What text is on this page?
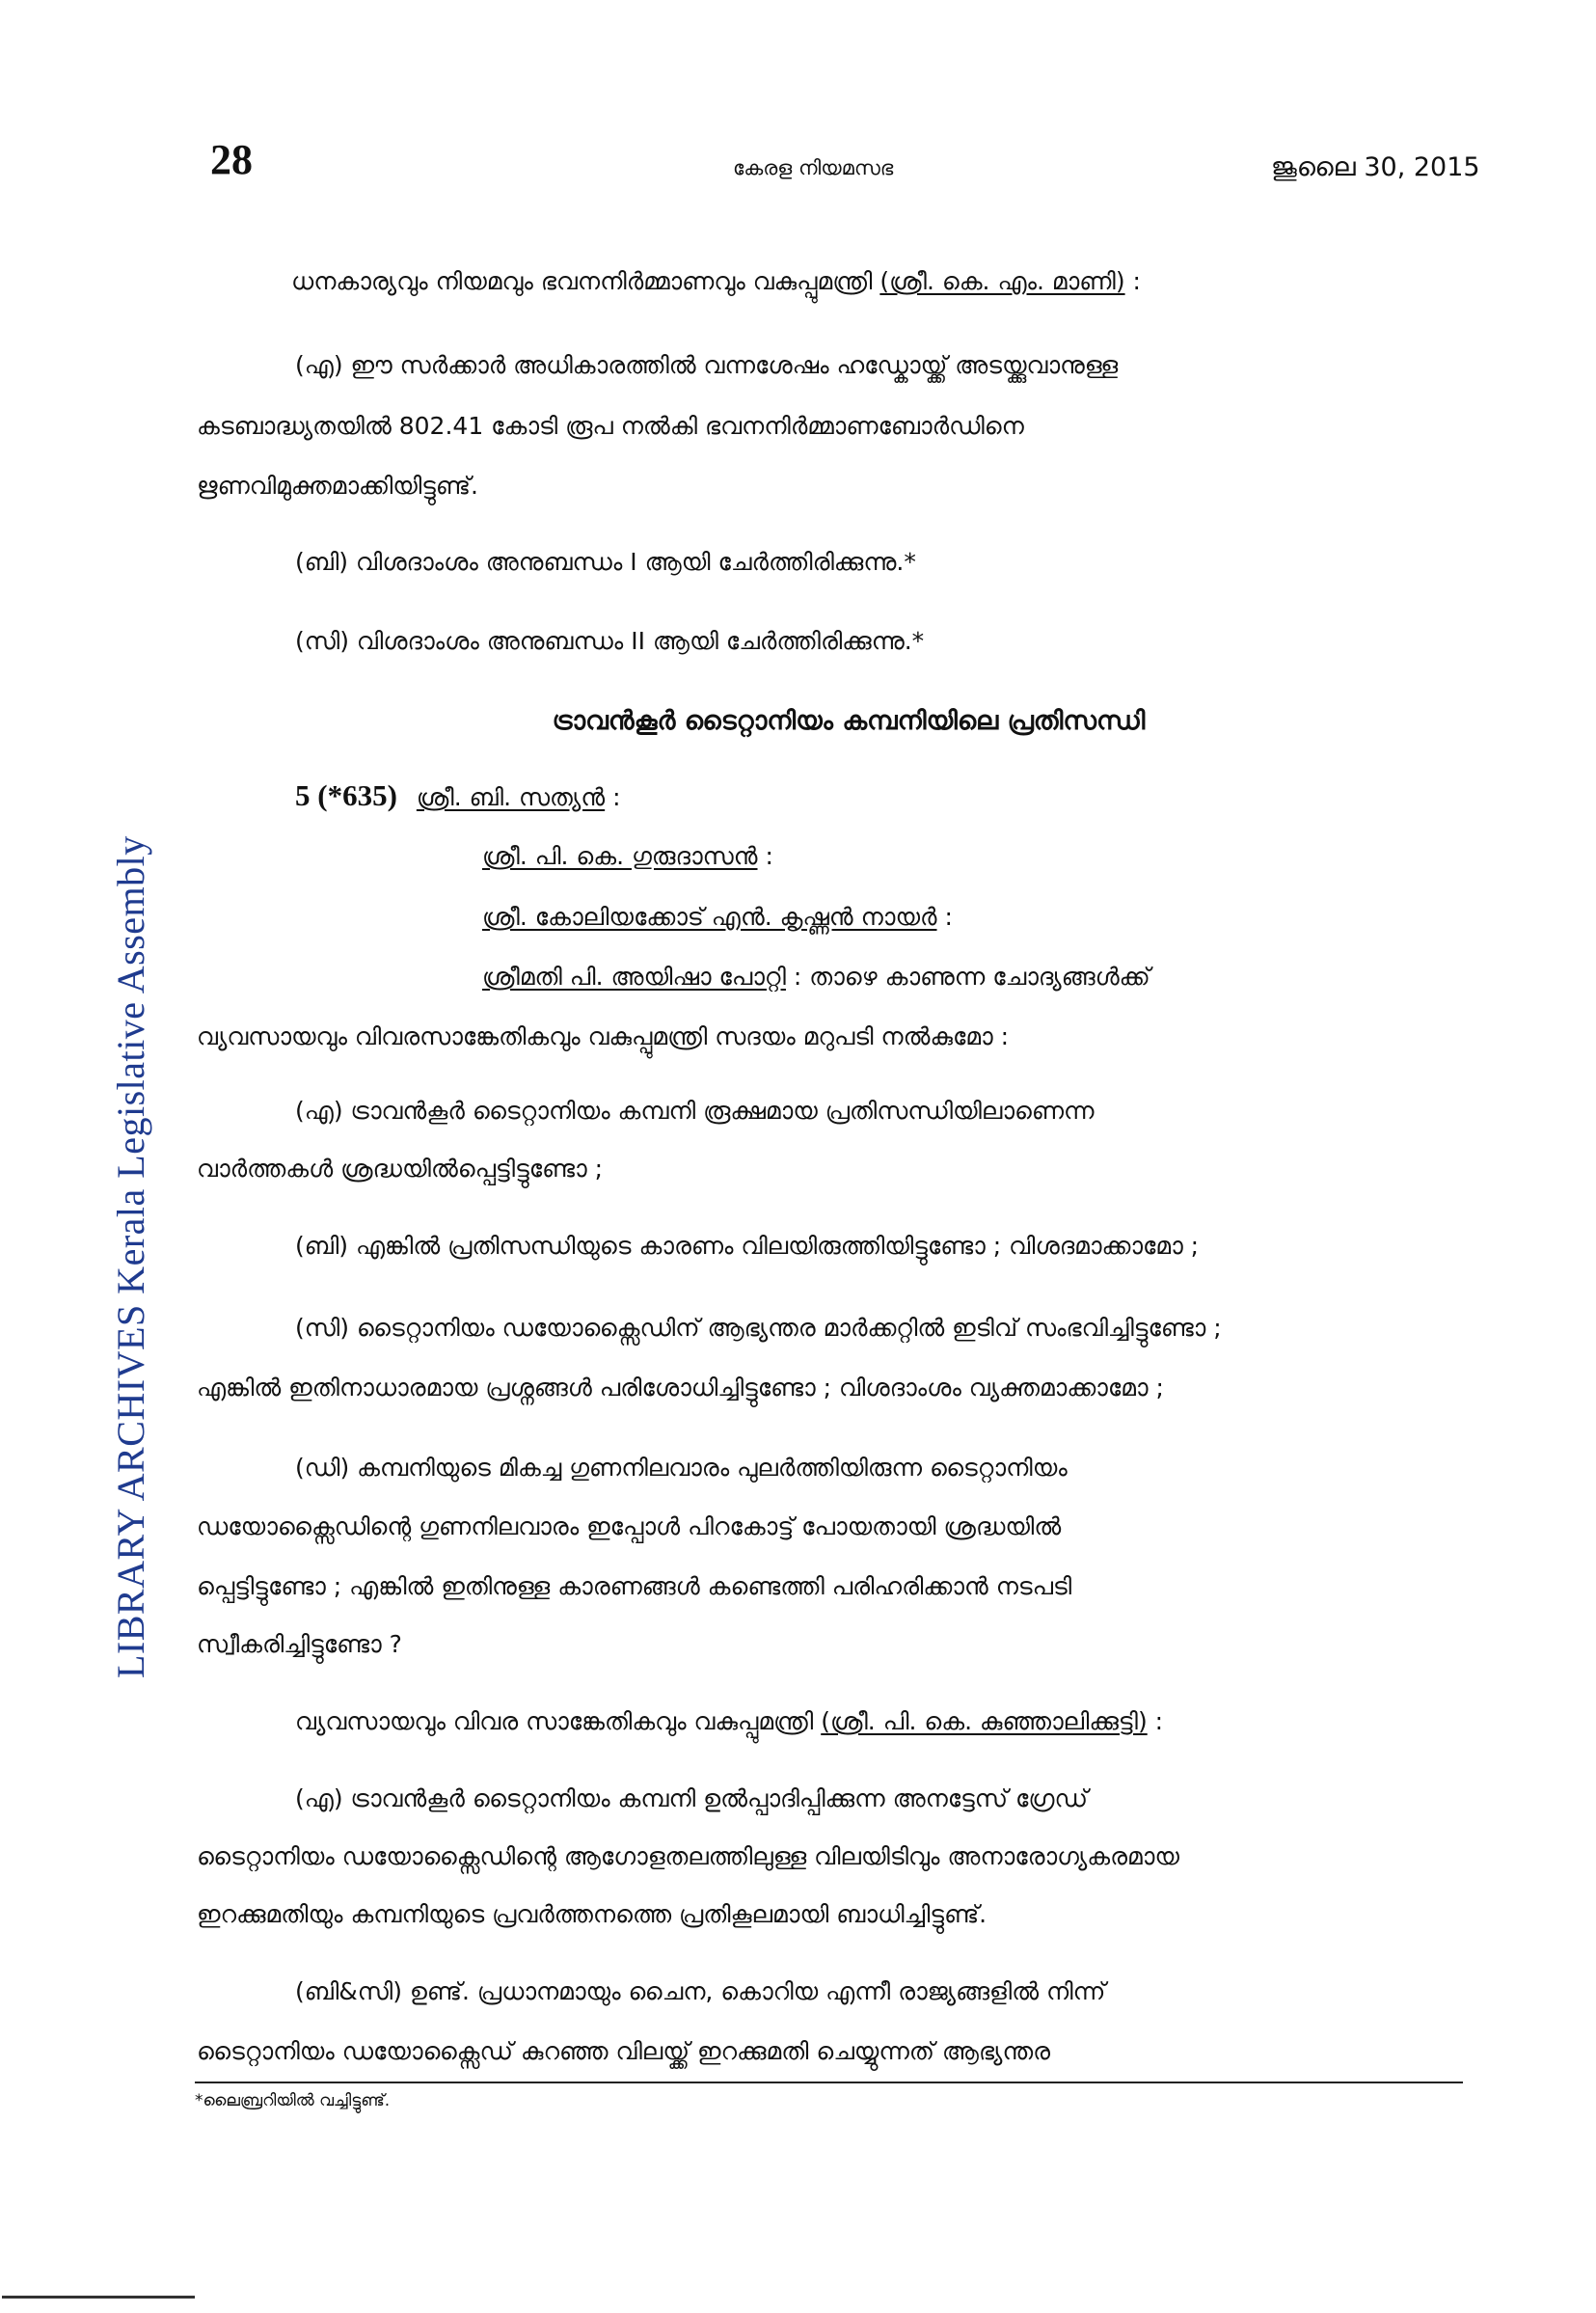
28	കേരള നിയമസഭ	ജൂലൈ 30, 2015
LIBRARY ARCHIVES Kerala Legislative Assembly
ധനകാര്യവും നിയമവും ഭവനനിർമ്മാണവും വകുപ്പുമന്ത്രി (ശ്രീ. കെ. എം. മാണി) :
(എ) ഈ സർക്കാർ അധികാരത്തിൽ വന്നശേഷം ഹഡ്കോയ്ക്ക് അടയ്ക്കുവാനുള്ള
കടബാദ്ധ്യതയിൽ 802.41 കോടി രൂപ നൽകി ഭവനനിർമ്മാണബോർഡിനെ
ഋണവിമുക്തമാക്കിയിട്ടുണ്ട്.
(ബി) വിശദാംശം അനുബന്ധം I ആയി ചേർത്തിരിക്കുന്നു.*
(സി) വിശദാംശം അനുബന്ധം II ആയി ചേർത്തിരിക്കുന്നു.*
ട്രാവൻകൂർ ടൈറ്റാനിയം കമ്പനിയിലെ പ്രതിസന്ധി
5 (*635) ശ്രീ. ബി. സത്യൻ :
ശ്രീ. പി. കെ. ഗുരുദാസൻ :
ശ്രീ. കോലിയക്കോട് എൻ. കൃഷ്ണൻ നായർ :
ശ്രീമതി പി. അയിഷാ പോറ്റി : താഴെ കാണുന്ന ചോദ്യങ്ങൾക്ക്
വ്യവസായവും വിവരസാങ്കേതികവും വകുപ്പുമന്ത്രി സദയം മറുപടി നൽകുമോ :
(എ) ട്രാവൻകൂർ ടൈറ്റാനിയം കമ്പനി രൂക്ഷമായ പ്രതിസന്ധിയിലാണെന്ന
വാർത്തകൾ ശ്രദ്ധയിൽപ്പെട്ടിട്ടുണ്ടോ ;
(ബി) എങ്കിൽ പ്രതിസന്ധിയുടെ കാരണം വിലയിരുത്തിയിട്ടുണ്ടോ ; വിശദമാക്കാമോ ;
(സി) ടൈറ്റാനിയം ഡയോക്സൈഡിന് ആഭ്യന്തര മാർക്കറ്റിൽ ഇടിവ് സംഭവിച്ചിട്ടുണ്ടോ ;
എങ്കിൽ ഇതിനാധാരമായ പ്രശ്നങ്ങൾ പരിശോധിച്ചിട്ടുണ്ടോ ; വിശദാംശം വ്യക്തമാക്കാമോ ;
(ഡി) കമ്പനിയുടെ മികച്ച ഗുണനിലവാരം പുലർത്തിയിരുന്ന ടൈറ്റാനിയം
ഡയോക്സൈഡിന്റെ ഗുണനിലവാരം ഇപ്പോൾ പിറകോട്ട് പോയതായി ശ്രദ്ധയിൽ
പ്പെട്ടിട്ടുണ്ടോ ; എങ്കിൽ ഇതിനുള്ള കാരണങ്ങൾ കണ്ടെത്തി പരിഹരിക്കാൻ നടപടി
സ്വീകരിച്ചിട്ടുണ്ടോ ?
വ്യവസായവും വിവര സാങ്കേതികവും വകുപ്പുമന്ത്രി (ശ്രീ. പി. കെ. കുഞ്ഞാലിക്കുട്ടി) :
(എ) ട്രാവൻകൂർ ടൈറ്റാനിയം കമ്പനി ഉൽപ്പാദിപ്പിക്കുന്ന അനട്ടേസ് ഗ്രേഡ്
ടൈറ്റാനിയം ഡയോക്സൈഡിന്റെ ആഗോളതലത്തിലുള്ള വിലയിടിവും അനാരോഗ്യകരമായ
ഇറക്കുമതിയും കമ്പനിയുടെ പ്രവർത്തനത്തെ പ്രതികൂലമായി ബാധിച്ചിട്ടുണ്ട്.
(ബി&സി) ഉണ്ട്. പ്രധാനമായും ചൈന, കൊറിയ എന്നീ രാജ്യങ്ങളിൽ നിന്ന്
ടൈറ്റാനിയം ഡയോക്സൈഡ് കുറഞ്ഞ വിലയ്ക്ക് ഇറക്കുമതി ചെയ്യുന്നത് ആഭ്യന്തര
*ലൈബ്രറിയിൽ വച്ചിട്ടുണ്ട്.
